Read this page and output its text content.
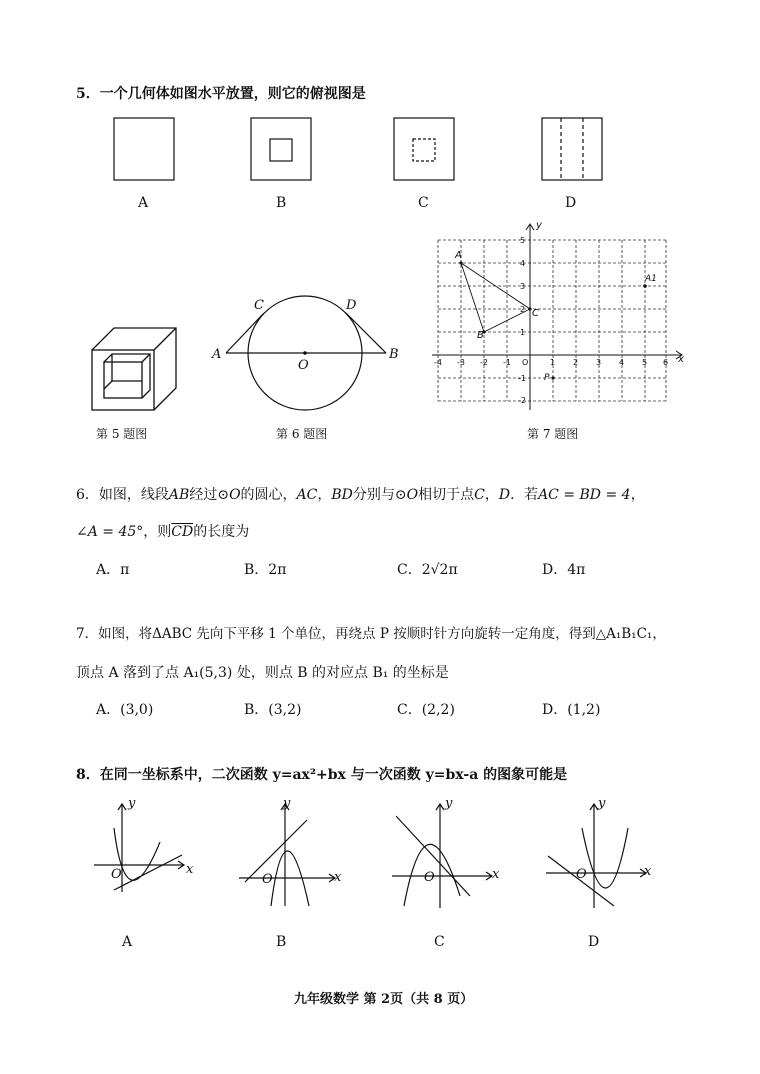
5．一个几何体如图水平放置，则它的俯视图是
A	B	C	D
第 5 题图
A	B
C	D
O
第 6 题图
A
B
C
A1
P
y
x
-4 -3 -2 -1 O	1 2 3 4 5 6
5
4
3
2
1
-1
-2
第 7 题图
6．如图，线段AB经过⊙O的圆心，AC，BD分别与⊙O相切于点C，D．若AC = BD = 4，
∠A = 45°，则$\overline{CD}$的长度为
A．π	B．2π	C．2√2π	D．4π
7．如图，将ΔABC 先向下平移 1 个单位，再绕点 P 按顺时针方向旋转一定角度，得到△A₁B₁C₁，
顶点 A 落到了点 A₁(5,3) 处，则点 B 的对应点 B₁ 的坐标是
A．(3,0)	B．(3,2)	C．(2,2)	D．(1,2)
8．在同一坐标系中，二次函数 y=ax²+bx 与一次函数 y=bx-a 的图象可能是
O	x
y
A
O	x
y
B
O	x
y
C
O	x
y
D
九年级数学 第 2页（共 8 页）
